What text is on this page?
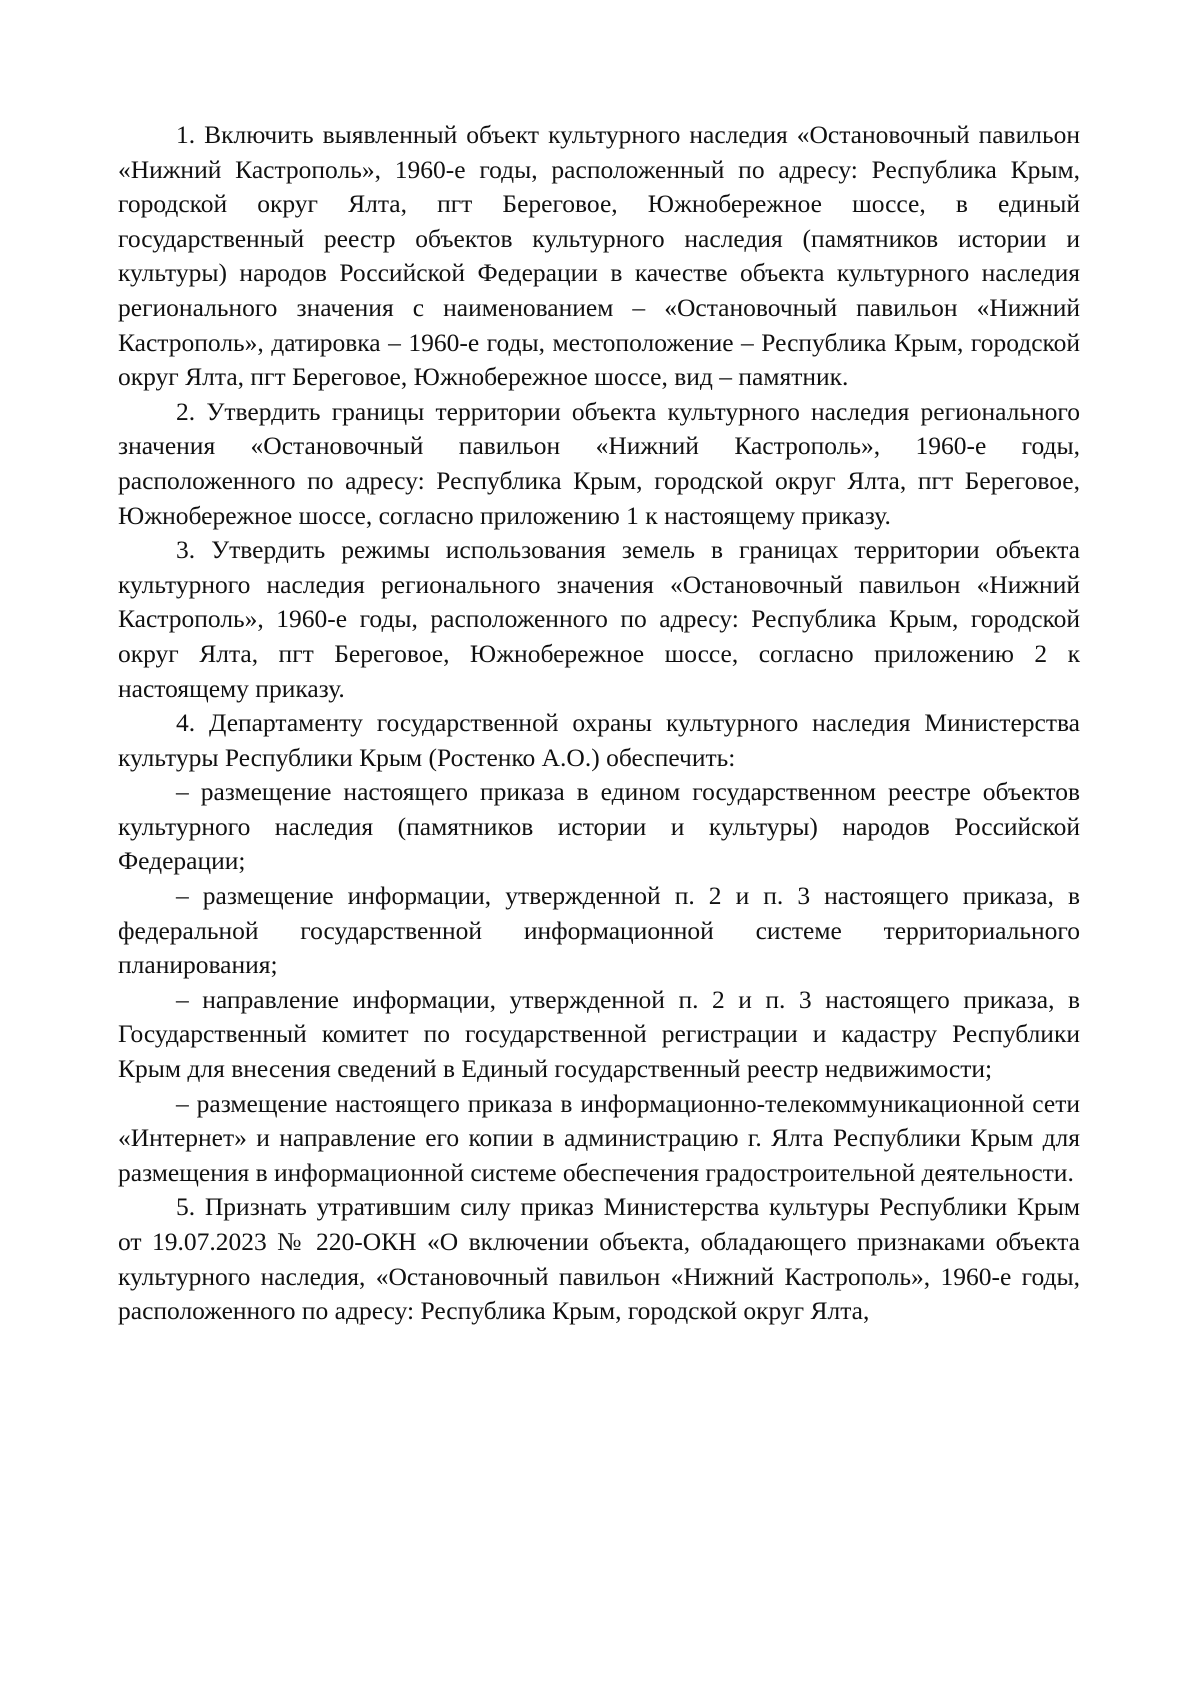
1. Включить выявленный объект культурного наследия «Остановочный павильон «Нижний Кастрополь», 1960-е годы, расположенный по адресу: Республика Крым, городской округ Ялта, пгт Береговое, Южнобережное шоссе, в единый государственный реестр объектов культурного наследия (памятников истории и культуры) народов Российской Федерации в качестве объекта культурного наследия регионального значения с наименованием – «Остановочный павильон «Нижний Кастрополь», датировка – 1960-е годы, местоположение – Республика Крым, городской округ Ялта, пгт Береговое, Южнобережное шоссе, вид – памятник.

2. Утвердить границы территории объекта культурного наследия регионального значения «Остановочный павильон «Нижний Кастрополь», 1960-е годы, расположенного по адресу: Республика Крым, городской округ Ялта, пгт Береговое, Южнобережное шоссе, согласно приложению 1 к настоящему приказу.

3. Утвердить режимы использования земель в границах территории объекта культурного наследия регионального значения «Остановочный павильон «Нижний Кастрополь», 1960-е годы, расположенного по адресу: Республика Крым, городской округ Ялта, пгт Береговое, Южнобережное шоссе, согласно приложению 2 к настоящему приказу.

4. Департаменту государственной охраны культурного наследия Министерства культуры Республики Крым (Ростенко А.О.) обеспечить:

– размещение настоящего приказа в едином государственном реестре объектов культурного наследия (памятников истории и культуры) народов Российской Федерации;

– размещение информации, утвержденной п. 2 и п. 3 настоящего приказа, в федеральной государственной информационной системе территориального планирования;

– направление информации, утвержденной п. 2 и п. 3 настоящего приказа, в Государственный комитет по государственной регистрации и кадастру Республики Крым для внесения сведений в Единый государственный реестр недвижимости;

– размещение настоящего приказа в информационно-телекоммуникационной сети «Интернет» и направление его копии в администрацию г. Ялта Республики Крым для размещения в информационной системе обеспечения градостроительной деятельности.

5. Признать утратившим силу приказ Министерства культуры Республики Крым от 19.07.2023 № 220-ОКН «О включении объекта, обладающего признаками объекта культурного наследия, «Остановочный павильон «Нижний Кастрополь», 1960-е годы, расположенного по адресу: Республика Крым, городской округ Ялта,
